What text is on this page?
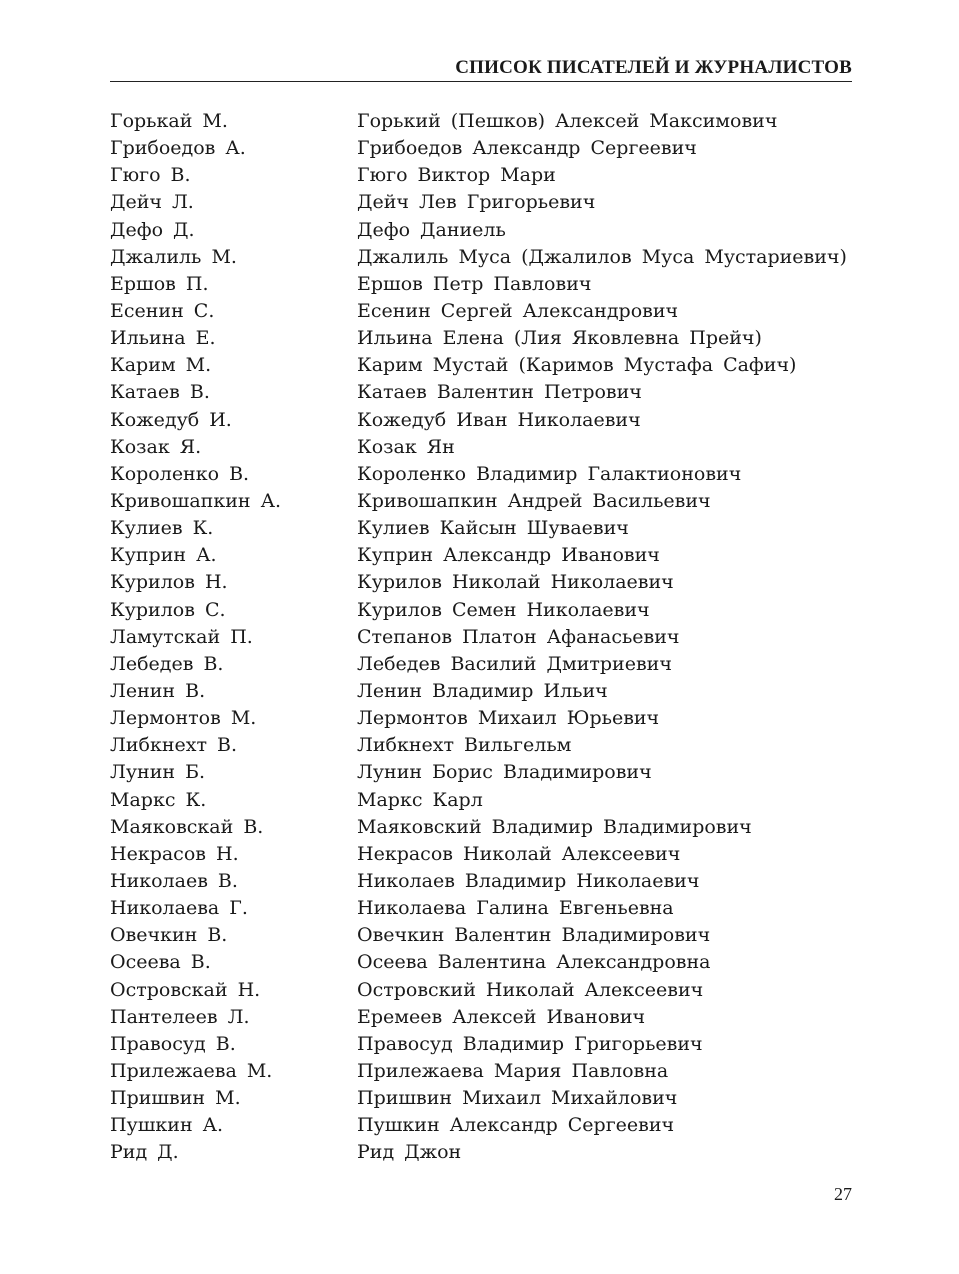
СПИСОК ПИСАТЕЛЕЙ И ЖУРНАЛИСТОВ
Горькай М.	Горький (Пешков) Алексей Максимович
Грибоедов А.	Грибоедов Александр Сергеевич
Гюго В.	Гюго Виктор Мари
Дейч Л.	Дейч Лев Григорьевич
Дефо Д.	Дефо Даниель
Джалиль М.	Джалиль Муса (Джалилов Муса Мустариевич)
Ершов П.	Ершов Петр Павлович
Есенин С.	Есенин Сергей Александрович
Ильина Е.	Ильина Елена (Лия Яковлевна Прейч)
Карим М.	Карим Мустай (Каримов Мустафа Сафич)
Катаев В.	Катаев Валентин Петрович
Кожедуб И.	Кожедуб Иван Николаевич
Козак Я.	Козак Ян
Короленко В.	Короленко Владимир Галактионович
Кривошапкин А.	Кривошапкин Андрей Васильевич
Кулиев К.	Кулиев Кайсын Шуваевич
Куприн А.	Куприн Александр Иванович
Курилов Н.	Курилов Николай Николаевич
Курилов С.	Курилов Семен Николаевич
Ламутскай П.	Степанов Платон Афанасьевич
Лебедев В.	Лебедев Василий Дмитриевич
Ленин В.	Ленин Владимир Ильич
Лермонтов М.	Лермонтов Михаил Юрьевич
Либкнехт В.	Либкнехт Вильгельм
Лунин Б.	Лунин Борис Владимирович
Маркс К.	Маркс Карл
Маяковскай В.	Маяковский Владимир Владимирович
Некрасов Н.	Некрасов Николай Алексеевич
Николаев В.	Николаев Владимир Николаевич
Николаева Г.	Николаева Галина Евгеньевна
Овечкин В.	Овечкин Валентин Владимирович
Осеева В.	Осеева Валентина Александровна
Островскай Н.	Островский Николай Алексеевич
Пантелеев Л.	Еремеев Алексей Иванович
Правосуд В.	Правосуд Владимир Григорьевич
Прилежаева М.	Прилежаева Мария Павловна
Пришвин М.	Пришвин Михаил Михайлович
Пушкин А.	Пушкин Александр Сергеевич
Рид Д.	Рид Джон
27
